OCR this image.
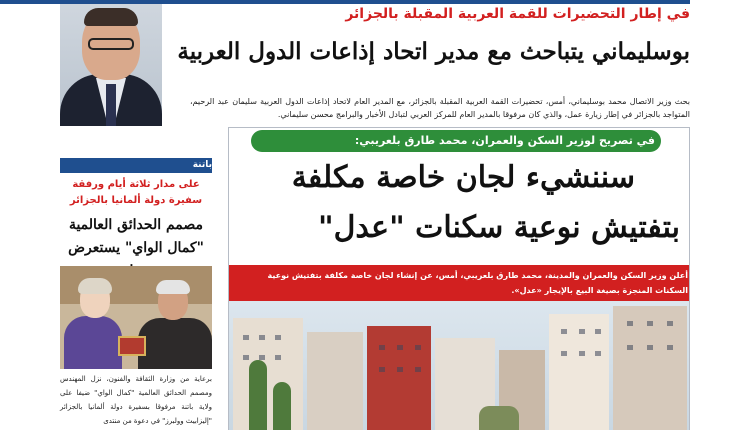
في إطار التحضيرات للقمة العربية المقبلة بالجزائر
بوسليماني يتباحث مع مدير اتحاد إذاعات الدول العربية
بحث وزير الاتصال محمد بوسليماني، أمس، تحضيرات القمة العربية المقبلة بالجزائر، مع المدير العام لاتحاد إذاعات الدول العربية سليمان عبد الرحيم، المتواجد بالجزائر في إطار زيارة عمل، والذي كان مرفوقا بالمدير العام للمركز العربي لتبادل الأخبار والبرامج محسن سليماني.
باتنة
على مدار ثلاثة أيام ورفقة سفيرة دولة ألمانيا بالجزائر
مصمم الحدائق العالمية "كمال الواي" يستعرض
برعاية من وزارة الثقافة والفنون، نزل المهندس ومصمم الحدائق العالمية "كمال الواي" ضيفا على ولاية باتنة مرفوقا بسفيرة دولة ألمانيا بالجزائر "إليزابيث وولبرز" في دعوة من منتدى
في تصريح لوزير السكن والعمران، محمد طارق بلعريبي:
سننشيء لجان خاصة مكلفة
بتفتيش نوعية سكنات "عدل"
أعلن وزير السكن والعمران والمدينة، محمد طارق بلعريبي، أمس، عن إنشاء لجان خاصة مكلفة بتفتيش نوعية السكنات المنجزة بصيغة البيع بالإيجار «عدل».
